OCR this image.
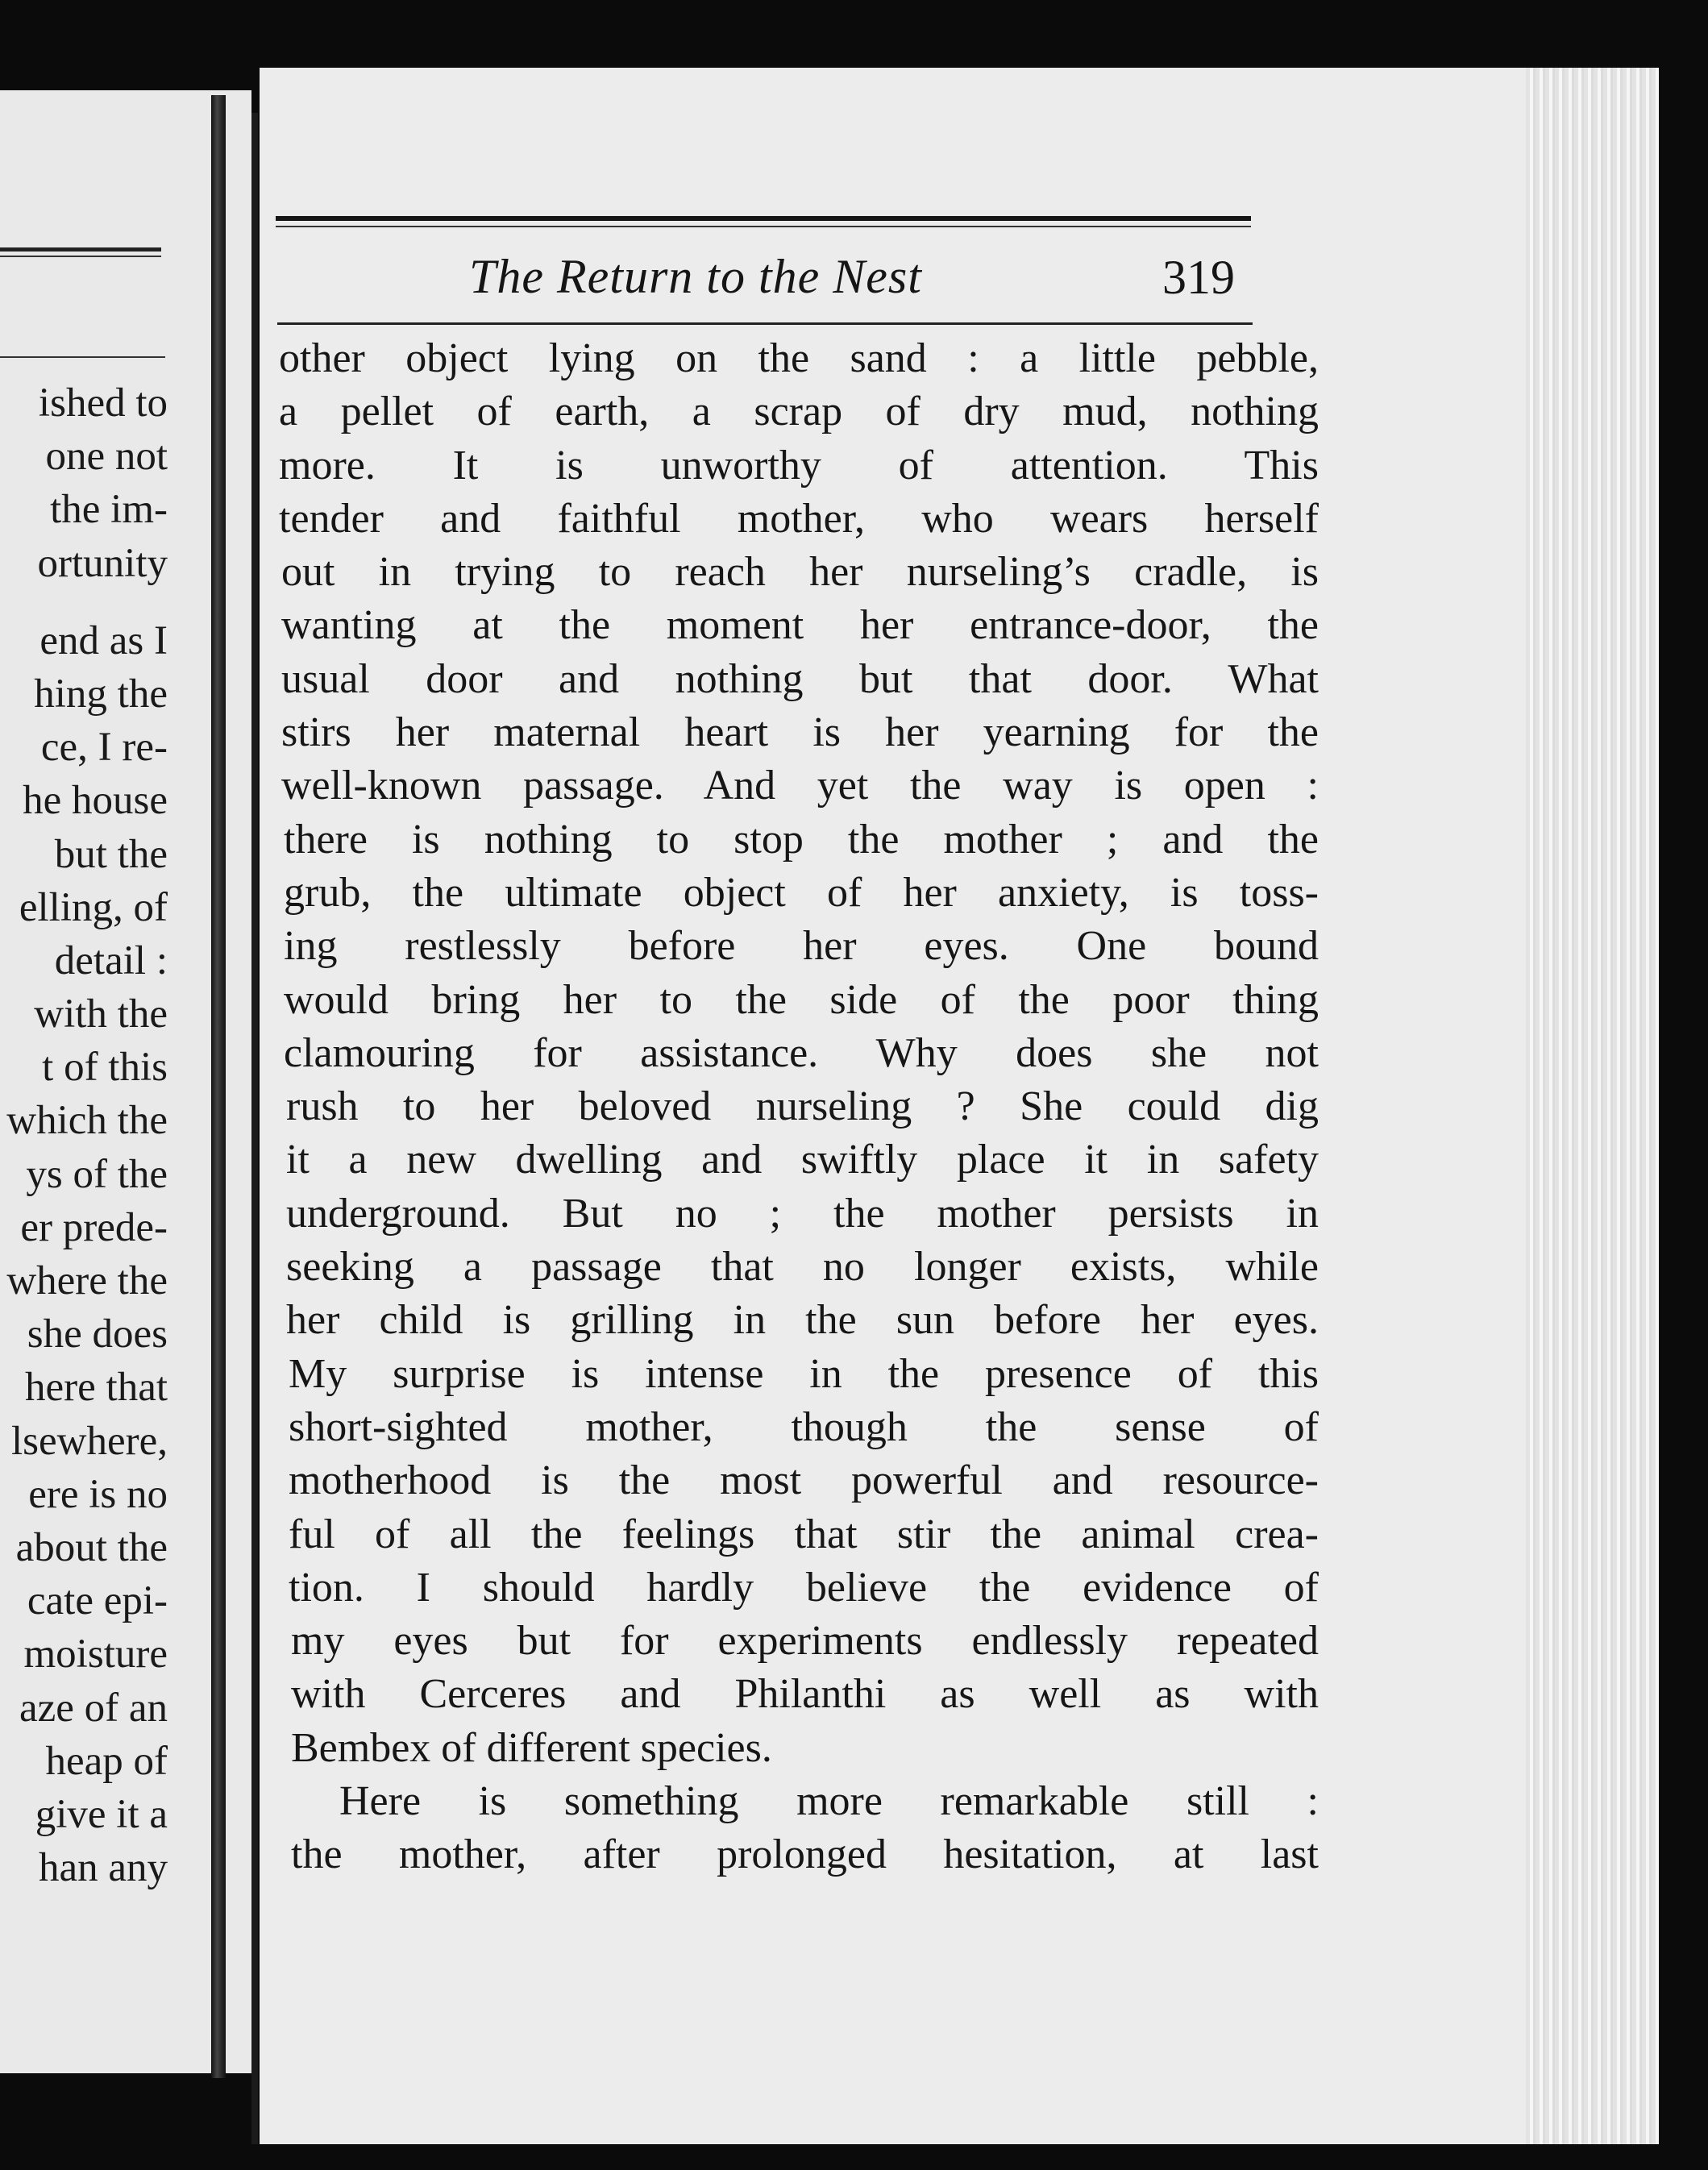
ished to
one not
the im-
ortunity
end as I
hing the
ce, I re-
he house
but the
elling, of
detail :
with the
t of this
which the
ys of the
er prede-
where the
she does
here that
lsewhere,
ere is no
about the
cate epi-
moisture
aze of an
heap of
give it a
han any
The Return to the Nest	319
other object lying on the sand : a little pebble,
a pellet of earth, a scrap of dry mud, nothing
more. It is unworthy of attention. This
tender and faithful mother, who wears herself
out in trying to reach her nurseling’s cradle, is
wanting at the moment her entrance-door, the
usual door and nothing but that door. What
stirs her maternal heart is her yearning for the
well-known passage. And yet the way is open :
there is nothing to stop the mother ; and the
grub, the ultimate object of her anxiety, is toss-
ing restlessly before her eyes. One bound
would bring her to the side of the poor thing
clamouring for assistance. Why does she not
rush to her beloved nurseling ? She could dig
it a new dwelling and swiftly place it in safety
underground. But no ; the mother persists in
seeking a passage that no longer exists, while
her child is grilling in the sun before her eyes.
My surprise is intense in the presence of this
short-sighted mother, though the sense of
motherhood is the most powerful and resource-
ful of all the feelings that stir the animal crea-
tion. I should hardly believe the evidence of
my eyes but for experiments endlessly repeated
with Cerceres and Philanthi as well as with
Bembex of different species.
Here is something more remarkable still :
the mother, after prolonged hesitation, at last
